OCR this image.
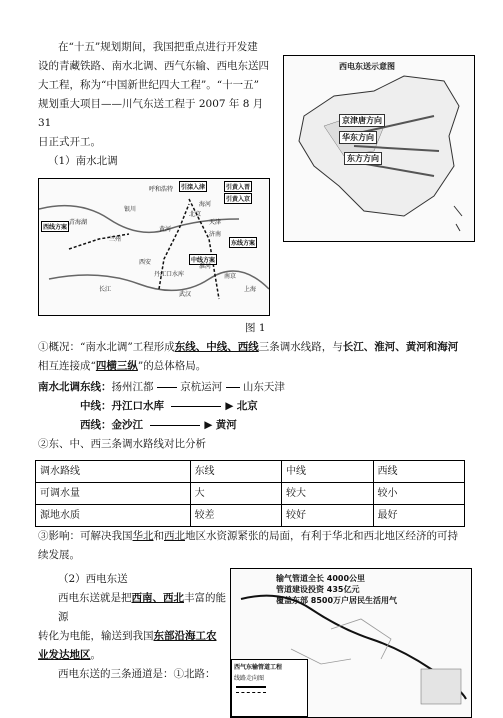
在“十五”规划期间，我国把重点进行开发建
设的青藏铁路、南水北调、西气东输、西电东送四
大工程，称为“中国新世纪四大工程”。“十一五”
规划重大项目——川气东送工程于 2007 年 8 月 31
日正式开工。
（1）南水北调
西电东送示意图
京津唐方向
华东方向
东方方向
引滦入津	引黄入晋
引黄入京
东线方案
中线方案
西线方案
青海湖
兰州
银川
呼和浩特
北京
天津
济南
西安
丹江口水库
武汉
南京
上海
黄河
长江
淮河
海河
图 1
①概况：“南水北调”工程形成东线、中线、西线三条调水线路，与长江、淮河、黄河和海河
相互连接成“四横三纵”的总体格局。
南水北调东线：扬州江都	京杭运河 山东天津
中线：丹江口水库	▶ 北京
西线：金沙江	▶ 黄河
②东、中、西三条调水路线对比分析
调水路线	东线	中线	西线
可调水量	大	较大	较小
源地水质	较差	较好	最好
③影响：可解决我国华北和西北地区水资源紧张的局面，有利于华北和西北地区经济的可持
续发展。
（2）西电东送
西电东送就是把西南、西北丰富的能源
转化为电能，输送到我国东部沿海工农
业发达地区。
西电东送的三条通道是：①北路：
输气管道全长 4000公里
管道建设投资 435亿元
覆盖东部 8500万户居民生活用气
西气东输管道工程
线路走向图
